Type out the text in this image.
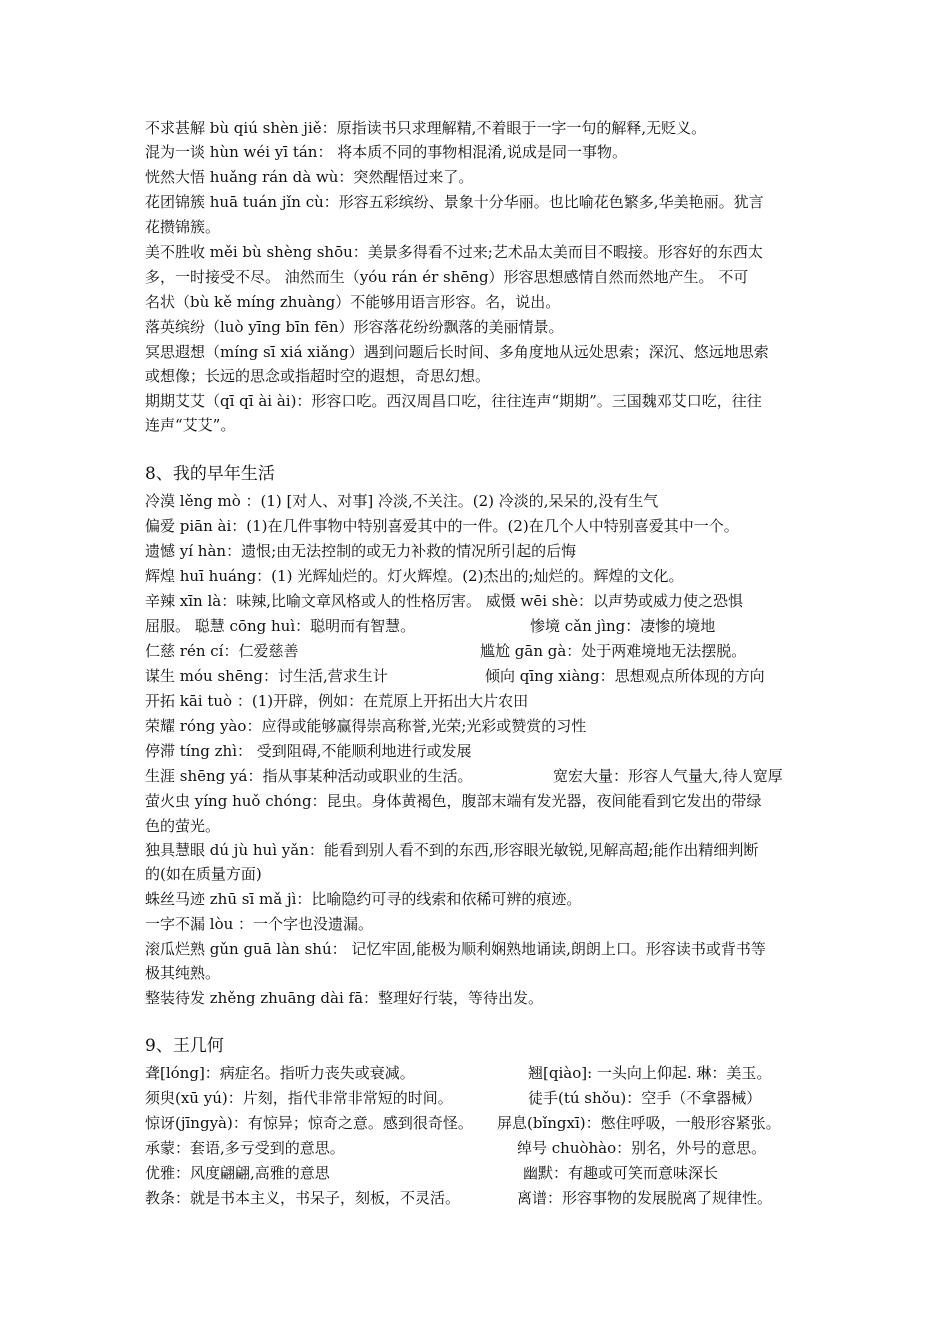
不求甚解 bù qiú shèn jiě：原指读书只求理解精,不着眼于一字一句的解释,无贬义。
混为一谈 hùn wéi yī tán： 将本质不同的事物相混淆,说成是同一事物。
恍然大悟 huǎng rán dà wù：突然醒悟过来了。
花团锦簇 huā tuán jǐn cù：形容五彩缤纷、景象十分华丽。也比喻花色繁多,华美艳丽。犹言
花攒锦簇。
美不胜收 měi bù shèng shōu：美景多得看不过来;艺术品太美而目不暇接。形容好的东西太
多，一时接受不尽。 油然而生（yóu rán ér shēng）形容思想感情自然而然地产生。 不可
名状（bù kě míng zhuàng）不能够用语言形容。名，说出。
落英缤纷（luò yīng bīn fēn）形容落花纷纷飘落的美丽情景。
冥思遐想（míng sī xiá xiǎng）遇到问题后长时间、多角度地从远处思索；深沉、悠远地思索
或想像；长远的思念或指超时空的遐想，奇思幻想。
期期艾艾（qī qī ài ài)：形容口吃。西汉周昌口吃，往往连声“期期”。三国魏邓艾口吃，往往
连声“艾艾”。
8、我的早年生活
冷漠 lěng mò ：(1) [对人、对事] 冷淡,不关注。(2) 冷淡的,呆呆的,没有生气
偏爱 piān ài：(1)在几件事物中特别喜爱其中的一件。(2)在几个人中特别喜爱其中一个。
遗憾 yí hàn：遗恨;由无法控制的或无力补救的情况所引起的后悔
辉煌 huī huáng：(1) 光辉灿烂的。灯火辉煌。(2)杰出的;灿烂的。辉煌的文化。
辛辣 xīn là：味辣,比喻文章风格或人的性格厉害。 威慑 wēi shè：以声势或威力使之恐惧
屈服。 聪慧 cōng huì：聪明而有智慧。	惨境 cǎn jìng：凄惨的境地
仁慈 rén cí：仁爱慈善	尴尬 gān gà：处于两难境地无法摆脱。
谋生 móu shēng：讨生活,营求生计	倾向 qīng xiàng：思想观点所体现的方向
开拓 kāi tuò ：(1)开辟，例如：在荒原上开拓出大片农田
荣耀 róng yào：应得或能够赢得崇高称誉,光荣;光彩或赞赏的习性
停滞 tíng zhì： 受到阻碍,不能顺利地进行或发展
生涯 shēng yá：指从事某种活动或职业的生活。	宽宏大量：形容人气量大,待人宽厚
萤火虫 yíng huǒ chóng：昆虫。身体黄褐色，腹部末端有发光器，夜间能看到它发出的带绿
色的萤光。
独具慧眼 dú jù huì yǎn：能看到别人看不到的东西,形容眼光敏锐,见解高超;能作出精细判断
的(如在质量方面)
蛛丝马迹 zhū sī mǎ jì：比喻隐约可寻的线索和依稀可辨的痕迹。
一字不漏 lòu ：一个字也没遗漏。
滚瓜烂熟 gǔn guā làn shú： 记忆牢固,能极为顺利娴熟地诵读,朗朗上口。形容读书或背书等
极其纯熟。
整装待发 zhěng zhuāng dài fā：整理好行装，等待出发。
9、王几何
聋[lóng]：病症名。指听力丧失或衰减。	翘[qiào]: 一头向上仰起. 琳：美玉。
须臾(xū yú)：片刻，指代非常非常短的时间。	徒手(tú shǒu)：空手（不拿器械）
惊讶(jīngyà)：有惊异；惊奇之意。感到很奇怪。 屏息(bǐngxī)：憋住呼吸，一般形容紧张。
承蒙：套语,多亏受到的意思。	绰号 chuòhào：别名，外号的意思。
优雅：风度翩翩,高雅的意思	幽默：有趣或可笑而意味深长
教条：就是书本主义，书呆子，刻板，不灵活。	离谱：形容事物的发展脱离了规律性。
